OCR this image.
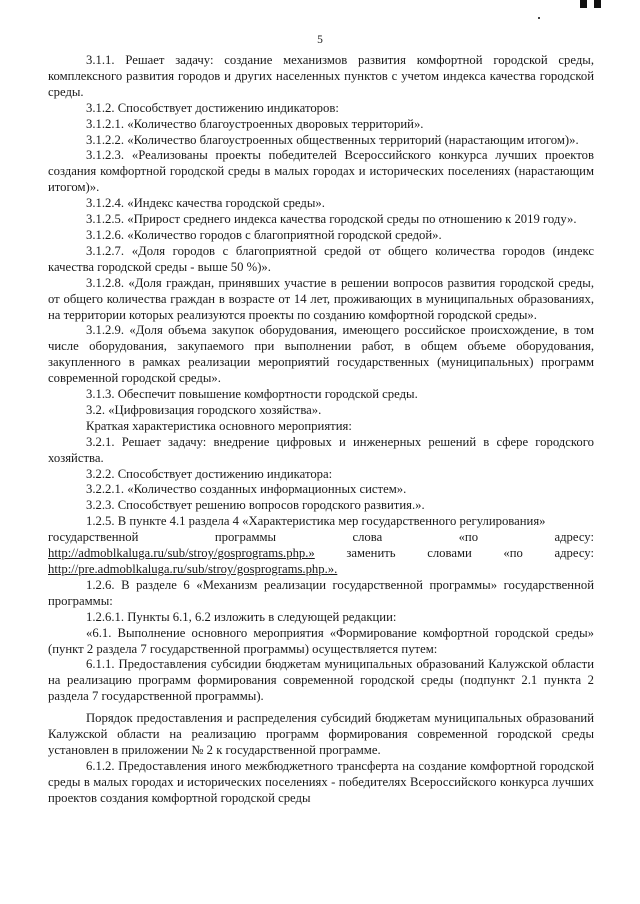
5

3.1.1. Решает задачу: создание механизмов развития комфортной городской среды, комплексного развития городов и других населенных пунктов с учетом индекса качества городской среды.

3.1.2. Способствует достижению индикаторов:

3.1.2.1. «Количество благоустроенных дворовых территорий».

3.1.2.2. «Количество благоустроенных общественных территорий (нарастающим итогом)».

3.1.2.3. «Реализованы проекты победителей Всероссийского конкурса лучших проектов создания комфортной городской среды в малых городах и исторических поселениях (нарастающим итогом)».

3.1.2.4. «Индекс качества городской среды».

3.1.2.5. «Прирост среднего индекса качества городской среды по отношению к 2019 году».

3.1.2.6. «Количество городов с благоприятной городской средой».

3.1.2.7. «Доля городов с благоприятной средой от общего количества городов (индекс качества городской среды - выше 50 %)».

3.1.2.8. «Доля граждан, принявших участие в решении вопросов развития городской среды, от общего количества граждан в возрасте от 14 лет, проживающих в муниципальных образованиях, на территории которых реализуются проекты по созданию комфортной городской среды».

3.1.2.9. «Доля объема закупок оборудования, имеющего российское происхождение, в том числе оборудования, закупаемого при выполнении работ, в общем объеме оборудования, закупленного в рамках реализации мероприятий государственных (муниципальных) программ современной городской среды».

3.1.3. Обеспечит повышение комфортности городской среды.

3.2. «Цифровизация городского хозяйства».

Краткая характеристика основного мероприятия:

3.2.1. Решает задачу: внедрение цифровых и инженерных решений в сфере городского хозяйства.

3.2.2. Способствует достижению индикатора:

3.2.2.1. «Количество созданных информационных систем».

3.2.3. Способствует решению вопросов городского развития.».

1.2.5. В пункте 4.1 раздела 4 «Характеристика мер государственного регулирования»

государственной	программы	слова	«по	адресу:
http://admoblkaluga.ru/sub/stroy/gosprograms.php.» заменить словами «по адресу:
http://pre.admoblkaluga.ru/sub/stroy/gosprograms.php.».

1.2.6. В разделе 6 «Механизм реализации государственной программы» государственной программы:

1.2.6.1. Пункты 6.1, 6.2 изложить в следующей редакции:

«6.1. Выполнение основного мероприятия «Формирование комфортной городской среды» (пункт 2 раздела 7 государственной программы) осуществляется путем:

6.1.1. Предоставления субсидии бюджетам муниципальных образований Калужской области на реализацию программ формирования современной городской среды (подпункт 2.1 пункта 2 раздела 7 государственной программы).

Порядок предоставления и распределения субсидий бюджетам муниципальных образований Калужской области на реализацию программ формирования современной городской среды установлен в приложении № 2 к государственной программе.

6.1.2. Предоставления иного межбюджетного трансферта на создание комфортной городской среды в малых городах и исторических поселениях - победителях Всероссийского конкурса лучших проектов создания комфортной городской среды
